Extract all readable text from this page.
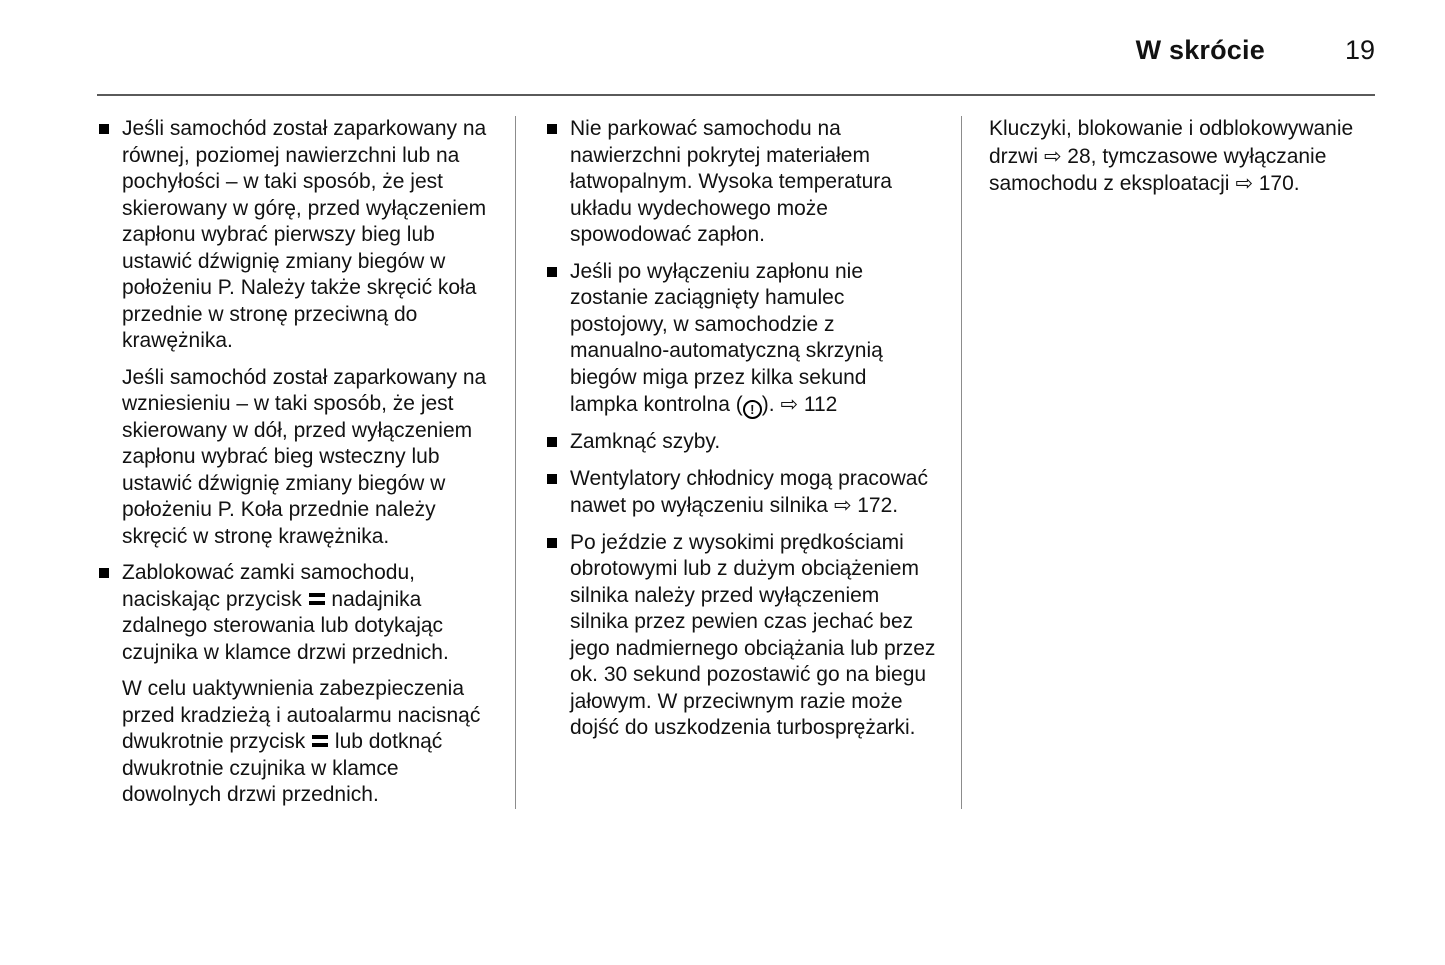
W skrócie	19
Jeśli samochód został zaparkowany na równej, poziomej nawierzchni lub na pochyłości – w taki sposób, że jest skierowany w górę, przed wyłączeniem zapłonu wybrać pierwszy bieg lub ustawić dźwignię zmiany biegów w położeniu P. Należy także skręcić koła przednie w stronę przeciwną do krawężnika.
Jeśli samochód został zaparkowany na wzniesieniu – w taki sposób, że jest skierowany w dół, przed wyłączeniem zapłonu wybrać bieg wsteczny lub ustawić dźwignię zmiany biegów w położeniu P. Koła przednie należy skręcić w stronę krawężnika.
Zablokować zamki samochodu, naciskając przycisk  nadajnika zdalnego sterowania lub dotykając czujnika w klamce drzwi przednich.
W celu uaktywnienia zabezpieczenia przed kradzieżą i autoalarmu nacisnąć dwukrotnie przycisk  lub dotknąć dwukrotnie czujnika w klamce dowolnych drzwi przednich.
Nie parkować samochodu na nawierzchni pokrytej materiałem łatwopalnym. Wysoka temperatura układu wydechowego może spowodować zapłon.
Jeśli po wyłączeniu zapłonu nie zostanie zaciągnięty hamulec postojowy, w samochodzie z manualno-automatyczną skrzynią biegów miga przez kilka sekund lampka kontrolna ( ! ). ⇨ 112
Zamknąć szyby.
Wentylatory chłodnicy mogą pracować nawet po wyłączeniu silnika ⇨ 172.
Po jeździe z wysokimi prędkościami obrotowymi lub z dużym obciążeniem silnika należy przed wyłączeniem silnika przez pewien czas jechać bez jego nadmiernego obciążania lub przez ok. 30 sekund pozostawić go na biegu jałowym. W przeciwnym razie może dojść do uszkodzenia turbosprężarki.
Kluczyki, blokowanie i odblokowywanie drzwi ⇨ 28, tymczasowe wyłączanie samochodu z eksploatacji ⇨ 170.
